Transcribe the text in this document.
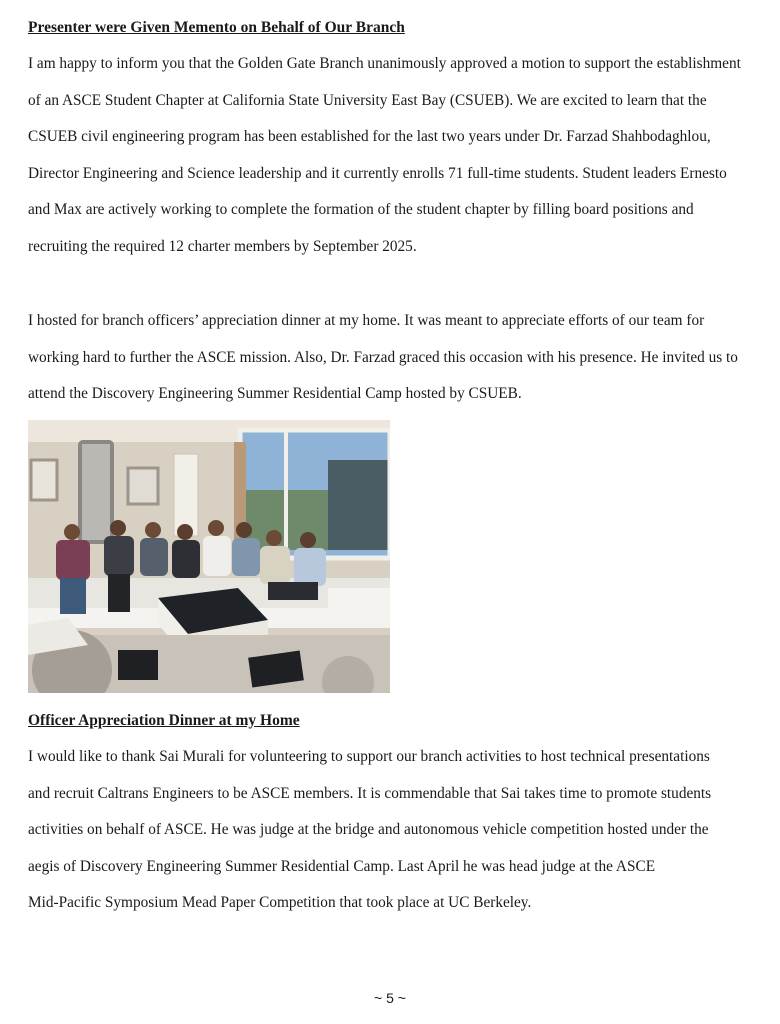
Presenter were Given Memento on Behalf of Our Branch
I am happy to inform you that the Golden Gate Branch unanimously approved a motion to support the establishment
of an ASCE Student Chapter at California State University East Bay (CSUEB). We are excited to learn that the
CSUEB civil engineering program has been established for the last two years under Dr. Farzad Shahbodaghlou,
Director Engineering and Science leadership and it currently enrolls 71 full-time students. Student leaders Ernesto
and Max are actively working to complete the formation of the student chapter by filling board positions and
recruiting the required 12 charter members by September 2025.
I hosted for branch officers’ appreciation dinner at my home. It was meant to appreciate efforts of our team for
working hard to further the ASCE mission. Also, Dr. Farzad graced this occasion with his presence. He invited us to
attend the Discovery Engineering Summer Residential Camp hosted by CSUEB.
Officer Appreciation Dinner at my Home
I would like to thank Sai Murali for volunteering to support our branch activities to host technical presentations
and recruit Caltrans Engineers to be ASCE members. It is commendable that Sai takes time to promote students
activities on behalf of ASCE. He was judge at the bridge and autonomous vehicle competition hosted under the
aegis of Discovery Engineering Summer Residential Camp. Last April he was head judge at the ASCE
Mid-Pacific Symposium Mead Paper Competition that took place at UC Berkeley.
~ 5 ~
